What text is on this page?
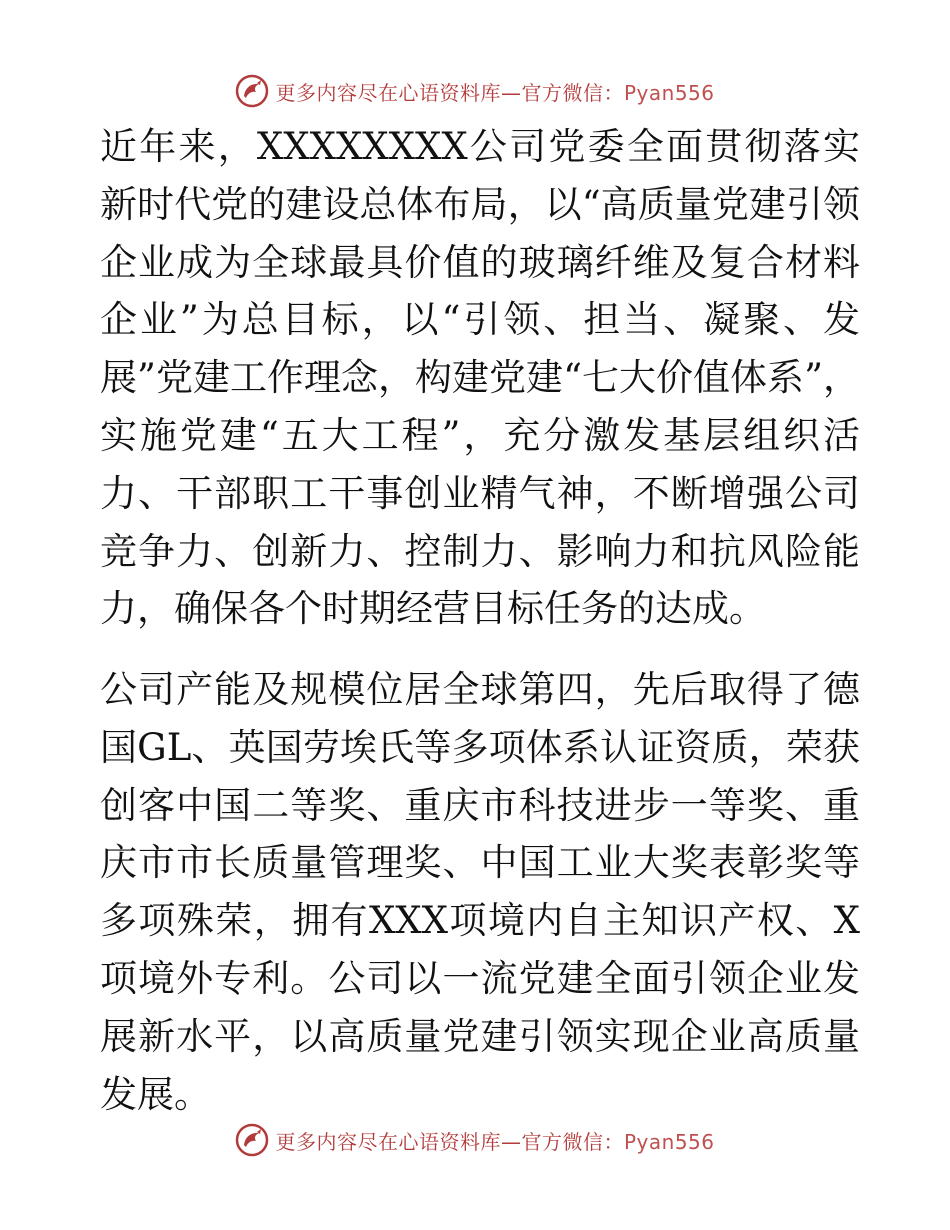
更多内容尽在心语资料库—官方微信：Pyan556

近年来，XXXXXXXX公司党委全面贯彻落实新时代党的建设总体布局，以“高质量党建引领企业成为全球最具价值的玻璃纤维及复合材料企业”为总目标，以“引领、担当、凝聚、发展”党建工作理念，构建党建“七大价值体系”，实施党建“五大工程”，充分激发基层组织活力、干部职工干事创业精气神，不断增强公司竞争力、创新力、控制力、影响力和抗风险能力，确保各个时期经营目标任务的达成。

公司产能及规模位居全球第四，先后取得了德国GL、英国劳埃氏等多项体系认证资质，荣获创客中国二等奖、重庆市科技进步一等奖、重庆市市长质量管理奖、中国工业大奖表彰奖等多项殊荣，拥有XXX项境内自主知识产权、X项境外专利。公司以一流党建全面引领企业发展新水平，以高质量党建引领实现企业高质量发展。

更多内容尽在心语资料库—官方微信：Pyan556
